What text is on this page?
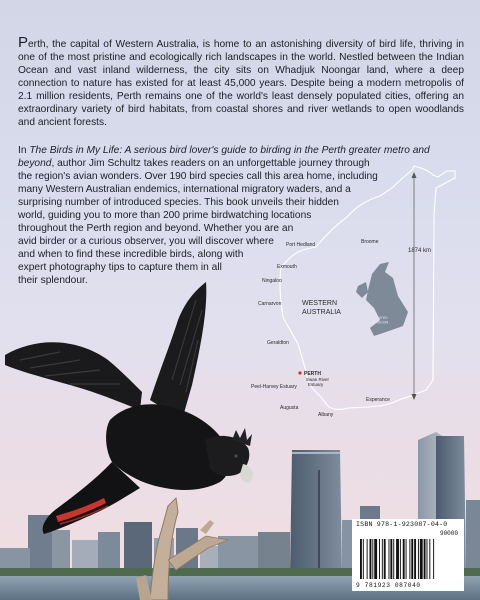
1874 km
UNITED
KINGDOM
WESTERN
AUSTRALIA
Broome
Port Hedland
Exmouth
Ningaloo
Carnarvon
Geraldton
PERTH
Swan River
Estuary
Peel-Harvey Estuary
Augusta
Albany
Esperance

Perth, the capital of Western Australia, is home to an astonishing diversity of bird life, thriving in one of the most pristine and ecologically rich landscapes in the world. Nestled between the Indian Ocean and vast inland wilderness, the city sits on Whadjuk Noongar land, where a deep connection to nature has existed for at least 45,000 years. Despite being a modern metropolis of 2.1 million residents, Perth remains one of the world's least densely populated cities, offering an extraordinary variety of bird habitats, from coastal shores and river wetlands to open woodlands and ancient forests.

In The Birds in My Life: A serious bird lover's guide to birding in the Perth greater metro and beyond, author Jim Schultz takes readers on an unforgettable journey through
the region's avian wonders. Over 190 bird species call this area home, including
many Western Australian endemics, international migratory waders, and a
surprising number of introduced species. This book unveils their hidden
world, guiding you to more than 200 prime birdwatching locations
throughout the Perth region and beyond. Whether you are an
avid birder or a curious observer, you will discover where
and when to find these incredible birds, along with
expert photography tips to capture them in all
their splendour.

ISBN 978-1-923087-04-0
90000
9 781923 087040
